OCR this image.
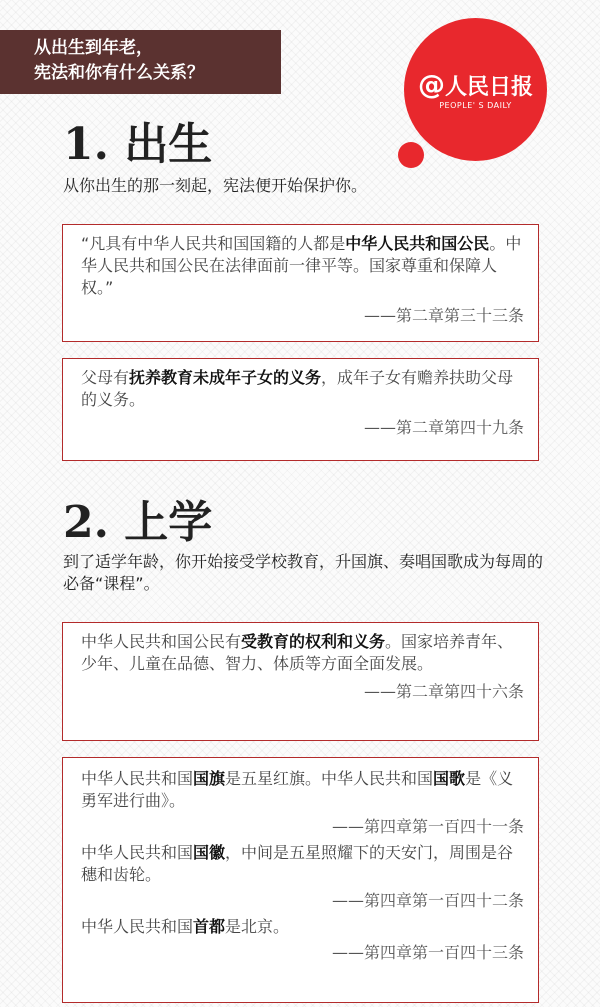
从出生到年老，
宪法和你有什么关系？	@人民日报
PEOPLE' S DAILY
1. 出生

从你出生的那一刻起，宪法便开始保护你。

“凡具有中华人民共和国国籍的人都是中华人民共和国公民。中华人民共和国公民在法律面前一律平等。国家尊重和保障人权。”

——第二章第三十三条

父母有抚养教育未成年子女的义务，成年子女有赡养扶助父母的义务。

——第二章第四十九条

2. 上学

到了适学年龄，你开始接受学校教育，升国旗、奏唱国歌成为每周的必备“课程”。

中华人民共和国公民有受教育的权利和义务。国家培养青年、少年、儿童在品德、智力、体质等方面全面发展。

——第二章第四十六条

中华人民共和国国旗是五星红旗。中华人民共和国国歌是《义勇军进行曲》。

——第四章第一百四十一条

中华人民共和国国徽，中间是五星照耀下的天安门，周围是谷穗和齿轮。

——第四章第一百四十二条

中华人民共和国首都是北京。

——第四章第一百四十三条
